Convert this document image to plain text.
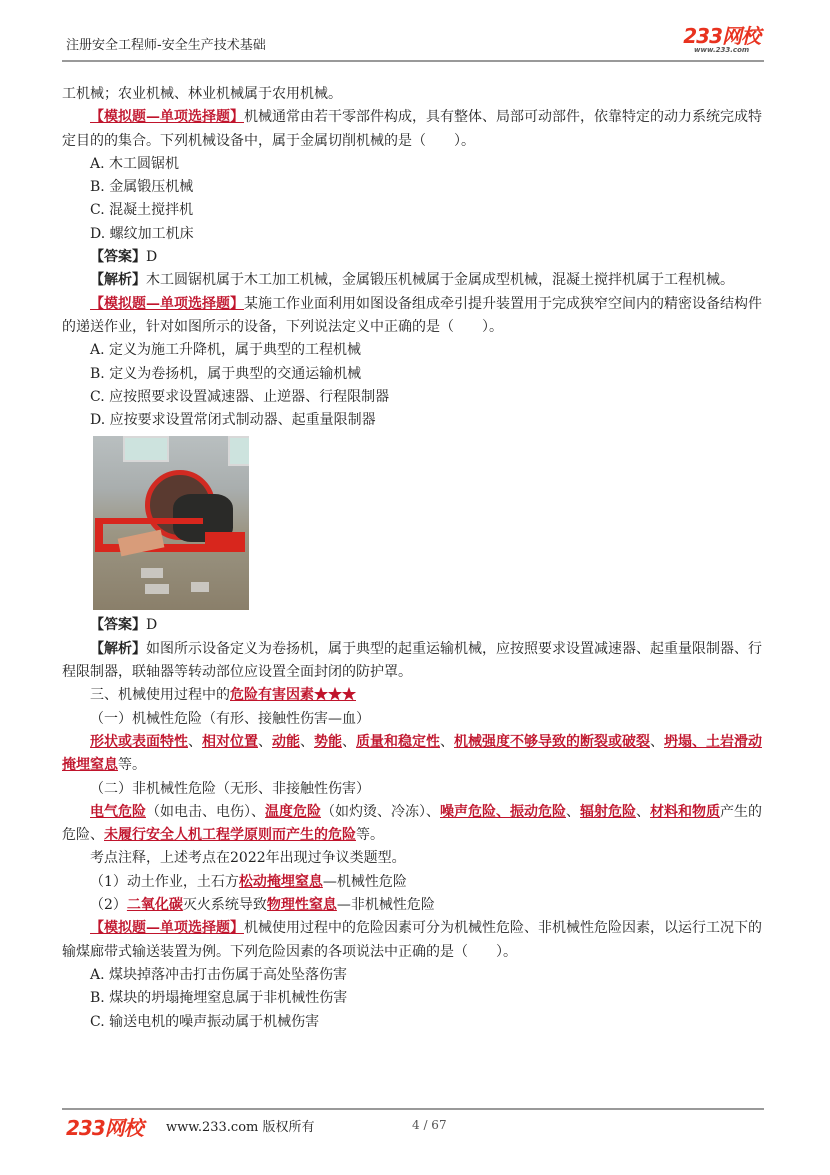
注册安全工程师-安全生产技术基础	233网校
www.233.com

工机械；农业机械、林业机械属于农用机械。

【模拟题—单项选择题】机械通常由若干零部件构成，具有整体、局部可动部件，依靠特定的动力系统完成特定目的的集合。下列机械设备中，属于金属切削机械的是（　　）。

A. 木工圆锯机

B. 金属锻压机械

C. 混凝土搅拌机

D. 螺纹加工机床

【答案】D

【解析】木工圆锯机属于木工加工机械，金属锻压机械属于金属成型机械，混凝土搅拌机属于工程机械。

【模拟题—单项选择题】某施工作业面利用如图设备组成牵引提升装置用于完成狭窄空间内的精密设备结构件的递送作业，针对如图所示的设备，下列说法定义中正确的是（　　）。

A. 定义为施工升降机，属于典型的工程机械

B. 定义为卷扬机，属于典型的交通运输机械

C. 应按照要求设置减速器、止逆器、行程限制器

D. 应按要求设置常闭式制动器、起重量限制器

【答案】D

【解析】如图所示设备定义为卷扬机，属于典型的起重运输机械，应按照要求设置减速器、起重量限制器、行程限制器，联轴器等转动部位应设置全面封闭的防护罩。

三、机械使用过程中的危险有害因素★★★

（一）机械性危险（有形、接触性伤害—血）

形状或表面特性、相对位置、动能、势能、质量和稳定性、机械强度不够导致的断裂或破裂、坍塌、土岩滑动掩埋窒息等。

（二）非机械性危险（无形、非接触性伤害）

电气危险（如电击、电伤）、温度危险（如灼烫、冷冻）、噪声危险、振动危险、辐射危险、材料和物质产生的危险、未履行安全人机工程学原则而产生的危险等。

考点注释，上述考点在2022年出现过争议类题型。

（1）动土作业，土石方松动掩埋窒息—机械性危险

（2）二氧化碳灭火系统导致物理性窒息—非机械性危险

【模拟题—单项选择题】机械使用过程中的危险因素可分为机械性危险、非机械性危险因素，以运行工况下的输煤廊带式输送装置为例。下列危险因素的各项说法中正确的是（　　）。

A. 煤块掉落冲击打击伤属于高处坠落伤害

B. 煤块的坍塌掩埋窒息属于非机械性伤害

C. 输送电机的噪声振动属于机械伤害

233网校 www.233.com 版权所有	4 / 67
